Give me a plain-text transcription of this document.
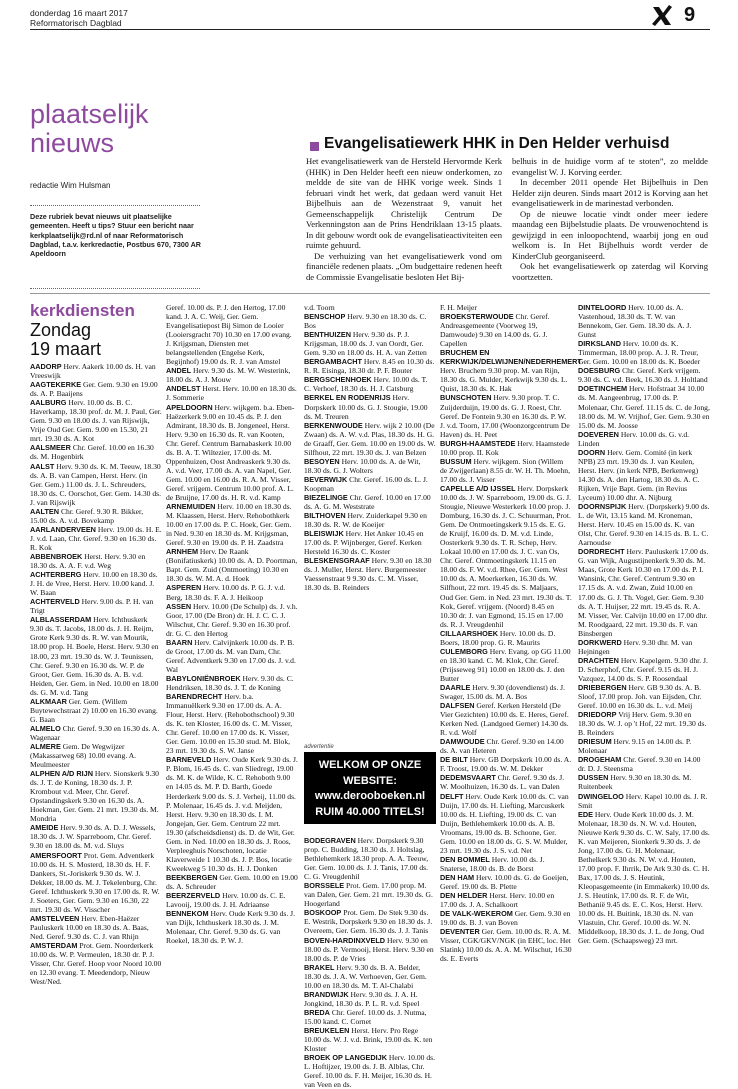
donderdag 16 maart 2017
Reformatorisch Dagblad	9
plaatselijk
nieuws
redactie Wim Hulsman
Deze rubriek bevat nieuws uit plaatselijke gemeenten. Heeft u tips? Stuur een bericht naar kerkplaatselijk@rd.nl of naar Reformatorisch Dagblad, t.a.v. kerkredactie, Postbus 670, 7300 AR Apeldoorn
Evangelisatiewerk HHK in Den Helder verhuisd

Het evangelisatiewerk van de Hersteld Hervormde Kerk (HHK) in Den Helder heeft een nieuw onderkomen, zo meldde de site van de HHK vorige week. Sinds 1 februari vindt het werk, dat gedaan werd vanuit Het Bijbelhuis aan de Wezenstraat 9, vanuit het Gemeenschappelijk Christelijk Centrum De Verkenningston aan de Prins Hendriklaan 13-15 plaats. In dit gebouw wordt ook de evangelisatieactiviteiten een ruimte gehuurd.

De verhuizing van het evangelisatiewerk vond om financiële redenen plaats. „Om budgettaire redenen heeft de Commissie Evangelisatie besloten Het Bij-

belhuis in de huidige vorm af te stoten”, zo meldde evangelist W. J. Korving eerder.

In december 2011 opende Het Bijbelhuis in Den Helder zijn deuren. Sinds maart 2012 is Korving aan het evangelisatiewerk in de marinestad verbonden.

Op de nieuwe locatie vindt onder meer iedere maandag een Bijbelstudie plaats. De vrouwenochtend is gewijzigd in een inloopochtend, waarbij jong en oud welkom is. In Het Bijbelhuis wordt verder de KinderClub georganiseerd.

Ook het evangelisatiewerk op zaterdag wil Korving voortzetten.

kerkdiensten
Zondag
19 maart

AADORP Herv. Aakerk 10.00 ds. H. van Vreeswijk

AAGTEKERKE Ger. Gem. 9.30 en 19.00 ds. A. P. Baaijens

AALBURG Herv. 10.00 ds. B. C. Haverkamp, 18.30 prof. dr. M. J. Paul, Ger. Gem. 9.30 en 18.00 ds. J. van Rijswijk, Vrije Oud Ger. Gem. 9.00 en 15.30, 21 mrt. 19.30 ds. A. Kot

AALSMEER Chr. Geref. 10.00 en 16.30 ds. M. Hogenbirk

AALST Herv. 9.30 ds. K. M. Teeuw, 18.30 ds. A. B. van Campen, Herst. Herv. (in Ger. Gem.) 11.00 ds. J. L. Schreuders, 18.30 ds. C. Oorschot, Ger. Gem. 14.30 ds. J. van Rijswijk

AALTEN Chr. Geref. 9.30 R. Bikker, 15.00 ds. A. v.d. Bovekamp

AARLANDERVEEN Herv. 19.00 ds. H. E. J. v.d. Laan, Chr. Geref. 9.30 en 16.30 ds. R. Kok

ABBENBROEK Herst. Herv. 9.30 en 18.30 ds. A. A. F. v.d. Weg

ACHTERBERG Herv. 10.00 en 18.30 ds. J. H. de Vree, Herst. Herv. 10.00 kand. J. W. Baan

ACHTERVELD Herv. 9.00 ds. P. H. van Trigt

ALBLASSERDAM Herv. Ichthuskerk 9.30 ds. T. Jacobs, 18.00 ds. J. H. Reijm, Grote Kerk 9.30 ds. R. W. van Mourik, 18.00 prop. H. Boele, Herst. Herv. 9.30 en 18.00, 23 mrt. 19.30 ds. W. J. Teunissen, Chr. Geref. 9.30 en 16.30 ds. W. P. de Groot, Ger. Gem. 16.30 ds. A. B. v.d. Heiden, Ger. Gem. in Ned. 10.00 en 18.00 ds. G. M. v.d. Tang

ALKMAAR Ger. Gem. (Willem Buytewechstraat 2) 10.00 en 16.30 evang. G. Baan

ALMELO Chr. Geref. 9.30 en 16.30 ds. A. Wagenaar

ALMERE Gem. De Wegwijzer (Makassarweg 68) 10.00 evang. A. Meulmeester

ALPHEN A/D RIJN Herv. Sionskerk 9.30 ds. J. T. de Koning, 18.30 ds. J. P. Krombout v.d. Meer, Chr. Geref. Opstandingskerk 9.30 en 16.30 ds. A. Hoekman, Ger. Gem. 21 mrt. 19.30 ds. M. Mondria

AMEIDE Herv. 9.30 ds. A. D. J. Wessels, 18.30 ds. J. W. Sparreboom, Chr. Geref. 9.30 en 18.00 ds. M. v.d. Sluys

AMERSFOORT Prot. Gem. Adventkerk 10.00 ds. H. S. Mosterd, 18.30 ds. H. F. Dankers, St.-Joriskerk 9.30 ds. W. J. Dekker, 18.00 ds. M. J. Tekelenburg, Chr. Geref. Ichthuskerk 9.30 en 17.00 ds. R. W. J. Soeters, Ger. Gem. 9.30 en 16.30, 22 mrt. 19.30 ds. W. Visscher

AMSTELVEEN Herv. Eben-Haëzer Pauluskerk 10.00 en 18.30 ds. A. Baas, Ned. Geref. 9.30 ds. C. J. van Rhijn

AMSTERDAM Prot. Gem. Noorderkerk 10.00 ds. W. P. Vermeulen, 18.30 dr. P. J. Visser, Chr. Geref. Hoop voor Noord 10.00 en 12.30 evang. T. Meedendorp, Nieuw West/Ned.

Geref. 10.00 ds. P. J. den Hertog, 17.00 kand. J. A. C. Weij, Ger. Gem. Evangelisatiepost Bij Simon de Looier (Looiersgracht 70) 10.30 en 17.00 evang. J. Krijgsman, Diensten met belangstellenden (Engelse Kerk, Begijnhof) 19.00 ds. R. J. van Amstel

ANDEL Herv. 9.30 ds. M. W. Westerink, 18.00 ds. A. J. Mouw

ANDELST Herst. Herv. 10.00 en 18.30 ds. J. Sommerie

APELDOORN Herv. wijkgem. b.a. Eben-Haëzerkerk 9.00 en 10.45 ds. P. J. den Admirant, 18.30 ds. B. Jongeneel, Herst. Herv. 9.30 en 16.30 ds. R. van Kooten, Chr. Geref. Centrum Barnabaskerk 10.00 ds. B. A. T. Wiltezier, 17.00 ds. M. Oppenhuizen, Oost Andreaskerk 9.30 ds. A. v.d. Veer, 17.00 ds. A. van Napel, Ger. Gem. 10.00 en 16.00 ds. R. A. M. Visser, Geref. vrijgem. Centrum 10.00 prof. A. L. de Bruijne, 17.00 ds. H. R. v.d. Kamp

ARNEMUIDEN Herv. 10.00 en 18.30 ds. M. Klaassen, Herst. Herv. Rehobothkerk 10.00 en 17.00 ds. P. C. Hoek, Ger. Gem. in Ned. 9.30 en 18.30 ds. M. Krijgsman, Geref. 9.30 en 19.00 ds. P. H. Zaadstra

ARNHEM Herv. De Raank (Bonifatiuskerk) 10.00 ds. A. D. Poortman, Bapt. Gem. Zuid (Ontmoeting) 10.30 en 18.30 ds. W. M. A. d. Hoek

ASPEREN Herv. 10.00 ds. P. G. J. v.d. Berg, 18.30 ds. F. A. J. Heikoop

ASSEN Herv. 10.00 (De Schulp) ds. J. v.h. Goor, 17.00 (De Bron) dr. H. J. C. C. J. Wilschut, Chr. Geref. 9.30 en 16.30 prof. dr. G. C. den Hertog

BAARN Herv. Calvijnkerk 10.00 ds. P. B. de Groot, 17.00 ds. M. van Dam, Chr. Geref. Adventkerk 9.30 en 17.00 ds. J. v.d. Wal

BABYLONIËNBROEK Herv. 9.30 ds. C. Hendriksen, 18.30 ds. J. T. de Koning

BARENDRECHT Herv. b.a. Immanuëlkerk 9.30 en 17.00 ds. A. A. Flour, Herst. Herv. (Rehobothschool) 9.30 ds. K. ten Kloster, 16.00 ds. C. M. Visser, Chr. Geref. 10.00 en 17.00 ds. K. Visser, Ger. Gem. 10.00 en 15.30 stud. M. Blok, 23 mrt. 19.30 ds. S. W. Janse

BARNEVELD Herv. Oude Kerk 9.30 ds. J. P. Blom, 16.45 ds. C. van Sliedregt, 19.00 ds. M. K. de Wilde, K. C. Rehoboth 9.00 en 14.05 ds. M. P. D. Barth, Goede Herderkerk 9.00 ds. S. J. Verheij, 11.00 ds. P. Molenaar, 16.45 ds. J. v.d. Meijden, Herst. Herv. 9.30 en 18.30 ds. I. M. Jongejan, Ger. Gem. Centrum 22 mrt. 19.30 (afscheidsdienst) ds. D. de Wit, Ger. Gem. in Ned. 10.00 en 18.30 ds. J. Roos, Verpleeghuis Norschoten, locatie Klaverweide 1 10.30 ds. J. P. Bos, locatie Kweekweg 5 10.30 ds. H. J. Donken

BEEKBERGEN Ger. Gem. 10.00 en 19.00 ds. A. Schreuder

BEERZERVELD Herv. 10.00 ds. C. E. Lavooij, 19.00 ds. J. H. Adriaanse

BENNEKOM Herv. Oude Kerk 9.30 ds. J. van Dijk, Ichthuskerk 18.30 ds. J. M. Molenaar, Chr. Geref. 9.30 ds. G. van Roekel, 18.30 ds. P. W. J.

v.d. Toorn

BENSCHOP Herv. 9.30 en 18.30 ds. C. Bos

BENTHUIZEN Herv. 9.30 ds. P. J. Krijgsman, 18.00 ds. J. van Oordt, Ger. Gem. 9.30 en 18.00 ds. H. A. van Zetten

BERGAMBACHT Herv. 8.45 en 10.30 ds. R. R. Eisinga, 18.30 dr. P. F. Bouter

BERGSCHENHOEK Herv. 10.00 ds. T. C. Verhoef, 18.30 ds. H. J. Catsburg

BERKEL EN RODENRIJS Herv. Dorpskerk 10.00 ds. G. J. Stougie, 19.00 ds. M. Treuren

BERKENWOUDE Herv. wijk 2 10.00 (De Zwaan) ds. A. W. v.d. Plas, 18.30 ds. H. G. de Graaff, Ger. Gem. 10.00 en 19.00 ds. W. Silfhout, 22 mrt. 19.30 ds. J. van Belzen

BESOYEN Herv. 10.00 ds. A. de Wit, 18.30 ds. G. J. Wolters

BEVERWIJK Chr. Geref. 16.00 ds. L. J. Koopman

BIEZELINGE Chr. Geref. 10.00 en 17.00 ds. A. G. M. Weststrate

BILTHOVEN Herv. Zuiderkapel 9.30 en 18.30 ds. R. W. de Koeijer

BLEISWIJK Herv. Het Anker 10.45 en 17.00 ds. P. Wijnberger, Geref. Kerken Hersteld 16.30 ds. C. Koster

BLESKENSGRAAF Herv. 9.30 en 18.30 ds. J. Muller, Herst. Herv. Burgemeester Vaessenstraat 9 9.30 ds. C. M. Visser, 18.30 ds. B. Reinders

advertentie
WELKOM OP ONZE
WEBSITE:
www.derooboeken.nl
RUIM 40.000 TITELS!

BODEGRAVEN Herv. Dorpskerk 9.30 prop. C. Budding, 18.30 ds. J. Holtslag, Bethlehemkerk 18.30 prop. A. A. Teeuw, Ger. Gem. 10.00 ds. J. J. Tanis, 17.00 ds. C. G. Vreugdenhil

BORSSELE Prot. Gem. 17.00 prop. M. van Dalen, Ger. Gem. 21 mrt. 19.30 ds. G. Hoogerland

BOSKOOP Prot. Gem. De Stek 9.30 ds. E. Westrik, Dorpskerk 9.30 en 18.30 ds. J. Overeem, Ger. Gem. 16.30 ds. J. J. Tanis

BOVEN-HARDINXVELD Herv. 9.30 en 18.00 ds. P. Vermooij, Herst. Herv. 9.30 en 18.00 ds. P. de Vries

BRAKEL Herv. 9.30 ds. B. A. Belder, 18.30 ds. J. A. W. Verhoeven, Ger. Gem. 10.00 en 18.30 ds. M. T. Al-Chalabi

BRANDWIJK Herv. 9.30 ds. J. A. H. Jongkind, 18.30 ds. P. L. R. v.d. Speel

BREDA Chr. Geref. 10.00 ds. J. Nutma, 15.00 kand. C. Cornet

BREUKELEN Herst. Herv. Pro Rege 10.00 ds. W. J. v.d. Brink, 19.00 ds. K. ten Kloster

BROEK OP LANGEDIJK Herv. 10.00 ds. L. Hoftijzer, 19.00 ds. J. B. Alblas, Chr. Geref. 10.00 ds. F. H. Meijer, 16.30 ds. H. van Veen en ds.

F. H. Meijer

BROEKSTERWOUDE Chr. Geref. Andreasgemeente (Voorweg 19, Damwoude) 9.30 en 14.00 ds. G. J. Capellen

BRUCHEM EN KERKWIJK/DELWIJNEN/NEDERHEMERT Herv. Bruchem 9.30 prop. M. van Rijn, 18.30 ds. G. Mulder, Kerkwijk 9.30 ds. L. Quist, 18.30 ds. K. Hak

BUNSCHOTEN Herv. 9.30 prop. T. C. Zuijderduijn, 19.00 ds. G. J. Roest, Chr. Geref. De Fontein 9.30 en 16.30 ds. P. W. J. v.d. Toorn, 17.00 (Woonzorgcentrum De Haven) ds. H. Peet

BURGH-HAAMSTEDE Herv. Haamstede 10.00 prop. II. Kok

BUSSUM Herv. wijkgem. Sion (Willem de Zwijgerlaan) 8.55 dr. W. H. Th. Moehn, 17.00 ds. J. Visser

CAPELLE A/D IJSSEL Herv. Dorpskerk 10.00 ds. J. W. Sparreboom, 19.00 ds. G. J. Stougie, Nieuwe Westerkerk 10.00 prop. J. Domburg, 16.30 ds. J. C. Schuurman, Prot. Gem. De Ontmoetingskerk 9.15 ds. E. G. de Kruijf, 16.00 ds. D. M. v.d. Linde, Oosterkerk 9.30 ds. T. R. Schep, Herv. Lokaal 10.00 en 17.00 ds. J. C. van Os, Chr. Geref. Ontmoetingskerk 11.15 en 18.00 ds. F. W. v.d. Rhee, Ger. Gem. West 10.00 ds. A. Moerkerken, 16.30 ds. W. Silfhout, 22 mrt. 19.45 ds. S. Maljaars, Oud Ger. Gem. in Ned. 23 mrt. 19.30 ds. T. Kok, Geref. vrijgem. (Noord) 8.45 en 10.30 dr. J. van Egmond, 15.15 en 17.00 ds. R. J. Vreugdenhil

CILLAARSHOEK Herv. 10.00 ds. D. Boers, 18.00 prop. G. R. Maurits

CULEMBORG Herv. Evang. op GG 11.00 en 18.30 kand. C. M. Klok, Chr. Geref. (Prijsseweg 91) 10.00 en 18.00 ds. J. den Butter

DAARLE Herv. 9.30 (dovendienst) ds. J. Swager, 15.00 ds. M. A. Bos

DALFSEN Geref. Kerken Hersteld (De Vier Gezichten) 10.00 ds. E. Heres, Geref. Kerken Ned. (Landgoed Gerner) 14.30 ds. R. v.d. Wolf

DAMWOUDE Chr. Geref. 9.30 en 14.00 ds. A. van Heteren

DE BILT Herv. GB Dorpskerk 10.00 ds. A. F. Troost, 19.00 ds. W. M. Dekker

DEDEMSVAART Chr. Geref. 9.30 ds. J. W. Moolhuizen, 16.30 ds. L. van Dalen

DELFT Herv. Oude Kerk 10.00 ds. C. van Duijn, 17.00 ds. H. Liefting, Marcuskerk 10.00 ds. H. Liefting, 19.00 ds. C. van Duijn, Bethlehemkerk 10.00 ds. A. B. Vroomans, 19.00 ds. B. Schoone, Ger. Gem. 10.00 en 18.00 ds. G. S. W. Mulder, 23 mrt. 19.30 ds. J. S. v.d. Net

DEN BOMMEL Herv. 10.00 ds. J. Snaterse, 18.00 ds. B. de Borst

DEN HAM Herv. 10.00 ds. G. de Goeijen, Geref. 19.00 ds. B. Plette

DEN HELDER Herst. Herv. 10.00 en 17.00 ds. J. A. Schalkoort

DE VALK-WEKEROM Ger. Gem. 9.30 en 19.00 ds. B. J. van Boven

DEVENTER Ger. Gem. 10.00 ds. R. A. M. Visser, CGK/GKV/NGK (in EHC, loc. Het Slatink) 10.00 ds. A. A. M. Wilschut, 16.30 ds. E. Everts

DINTELOORD Herv. 10.00 ds. A. Vastenhoud, 18.30 ds. T. W. van Bennekom, Ger. Gem. 18.30 ds. A. J. Gunst

DIRKSLAND Herv. 10.00 ds. K. Timmerman, 18.00 prop. A. J. R. Treur, Ger. Gem. 10.00 en 18.00 ds. K. Boeder

DOESBURG Chr. Geref. Kerk vrijgem. 9.30 ds. C. v.d. Beek, 16.30 ds. J. Holtland

DOETINCHEM Herv. Hofstraat 34 10.00 ds. M. Aangeenbrug, 17.00 ds. P. Molenaar, Chr. Geref. 11.15 ds. C. de Jong, 18.00 ds. M. W. Vrijhof, Ger. Gem. 9.30 en 15.00 ds. M. Joosse

DOEVEREN Herv. 10.00 ds. G. v.d. Linden

DOORN Herv. Gem. Comité (in kerk NPB) 23 mrt. 19.30 ds. J. van Keulen, Herst. Herv. (in kerk NPB, Berkenweg) 14.30 ds. A. den Hartog, 18.30 ds. A. C. Rijken, Vrije Bapt. Gem. (in Revius Lyceum) 10.00 dhr. A. Nijburg

DOORNSPIJK Herv. (Dorpskerk) 9.00 ds. L. de Wit, 13.15 kand. M. Kroneman, Herst. Herv. 10.45 en 15.00 ds. K. van Olst, Chr. Geref. 9.30 en 14.15 ds. B. L. C. Aarnoudse

DORDRECHT Herv. Pauluskerk 17.00 ds. G. van Wijk, Augustijnenkerk 9.30 ds. M. Maas, Grote Kerk 10.30 en 17.00 ds. P. I. Wansink, Chr. Geref. Centrum 9.30 en 17.15 ds. A. v.d. Zwan, Zuid 10.00 en 17.00 ds. G. J. Th. Vogel, Ger. Gem. 9.30 ds. A. T. Huijser, 22 mrt. 19.45 ds. R. A. M. Visser, Ver. Calvijn 10.00 en 17.00 dhr. M. Roodgaard, 22 mrt. 19.30 ds. F. van Binsbergen

DORKWERD Herv. 9.30 dhr. M. van Hejningen

DRACHTEN Herv. Kapelgem. 9.30 dhr. J. D. Scherphof, Chr. Geref. 9.15 ds. H. J. Vazquez, 14.00 ds. S. P. Roosendaal

DRIEBERGEN Herv. GB 9.30 ds. A. B. Sloof, 17.00 prop. Joh. van Eijsden, Chr. Geref. 10.00 en 16.30 ds. L. v.d. Meij

DRIEDORP Vrij Herv. Gem. 9.30 en 18.30 ds. W. J. op 't Hof, 22 mrt. 19.30 ds. B. Reinders

DRIESUM Herv. 9.15 en 14.00 ds. P. Molenaar

DROGEHAM Chr. Geref. 9.30 en 14.00 dr. D. J. Steensma

DUSSEN Herv. 9.30 en 18.30 ds. M. Ruitenbeek

DWINGELOO Herv. Kapel 10.00 ds. J. R. Smit

EDE Herv. Oude Kerk 10.00 ds. J. M. Molenaar, 18.30 ds. N. W. v.d. Houten, Nieuwe Kerk 9.30 ds. C. W. Saly, 17.00 ds. K. van Meijeren, Sionkerk 9.30 ds. J. de Jong, 17.00 ds. G. H. Molenaar, Bethelkerk 9.30 ds. N. W. v.d. Houten, 17.00 prop. F. Ihrrik, De Ark 9.30 ds. C. H. Bax, 17.00 ds. J. S. Heutink, Kleopasgemeente (in Emmakerk) 10.00 ds. J. S. Heutink, 17.00 ds. R. F. de Wit, Bethanië 9.45 ds. E. C. Kos, Herst. Herv. 10.00 ds. H. Buitink, 18.30 ds. N. van Vlastuin, Chr. Geref. 10.00 ds. W. N. Middelkoop, 18.30 ds. J. L. de Jong, Oud Ger. Gem. (Schaapsweg) 23 mrt.
